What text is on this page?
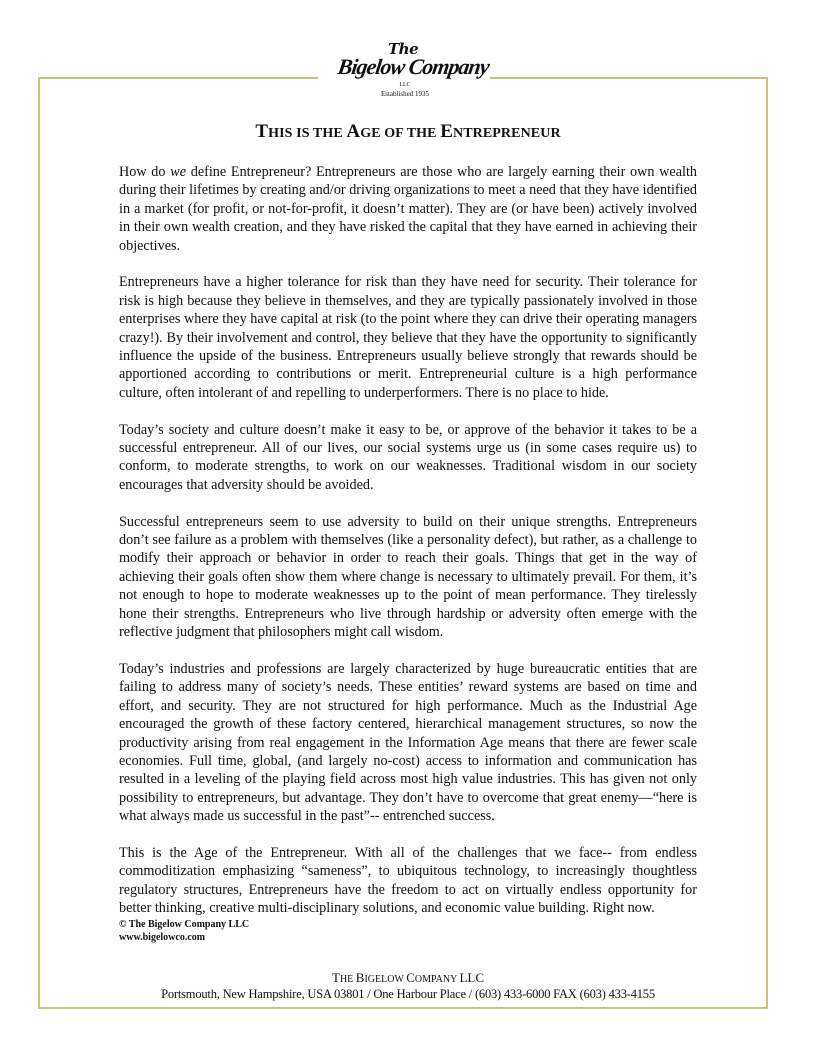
The
Bigelow Company
LLC
Established 1935
THIS IS THE AGE OF THE ENTREPRENEUR

How do we define Entrepreneur? Entrepreneurs are those who are largely earning their own wealth during their lifetimes by creating and/or driving organizations to meet a need that they have identified in a market (for profit, or not-for-profit, it doesn’t matter). They are (or have been) actively involved in their own wealth creation, and they have risked the capital that they have earned in achieving their objectives.

Entrepreneurs have a higher tolerance for risk than they have need for security. Their tolerance for risk is high because they believe in themselves, and they are typically passionately involved in those enterprises where they have capital at risk (to the point where they can drive their operating managers crazy!). By their involvement and control, they believe that they have the opportunity to significantly influence the upside of the business. Entrepreneurs usually believe strongly that rewards should be apportioned according to contributions or merit. Entrepreneurial culture is a high performance culture, often intolerant of and repelling to underperformers. There is no place to hide.

Today’s society and culture doesn’t make it easy to be, or approve of the behavior it takes to be a successful entrepreneur. All of our lives, our social systems urge us (in some cases require us) to conform, to moderate strengths, to work on our weaknesses. Traditional wisdom in our society encourages that adversity should be avoided.

Successful entrepreneurs seem to use adversity to build on their unique strengths. Entrepreneurs don’t see failure as a problem with themselves (like a personality defect), but rather, as a challenge to modify their approach or behavior in order to reach their goals. Things that get in the way of achieving their goals often show them where change is necessary to ultimately prevail. For them, it’s not enough to hope to moderate weaknesses up to the point of mean performance. They tirelessly hone their strengths. Entrepreneurs who live through hardship or adversity often emerge with the reflective judgment that philosophers might call wisdom.

Today’s industries and professions are largely characterized by huge bureaucratic entities that are failing to address many of society’s needs. These entities’ reward systems are based on time and effort, and security. They are not structured for high performance. Much as the Industrial Age encouraged the growth of these factory centered, hierarchical management structures, so now the productivity arising from real engagement in the Information Age means that there are fewer scale economies. Full time, global, (and largely no-cost) access to information and communication has resulted in a leveling of the playing field across most high value industries. This has given not only possibility to entrepreneurs, but advantage. They don’t have to overcome that great enemy—“here is what always made us successful in the past”-- entrenched success.

This is the Age of the Entrepreneur. With all of the challenges that we face-- from endless commoditization emphasizing “sameness”, to ubiquitous technology, to increasingly thoughtless regulatory structures, Entrepreneurs have the freedom to act on virtually endless opportunity for better thinking, creative multi-disciplinary solutions, and economic value building. Right now.

© The Bigelow Company LLC
www.bigelowco.com
THE BIGELOW COMPANY LLC
Portsmouth, New Hampshire, USA 03801 / One Harbour Place / (603) 433-6000 FAX (603) 433-4155
